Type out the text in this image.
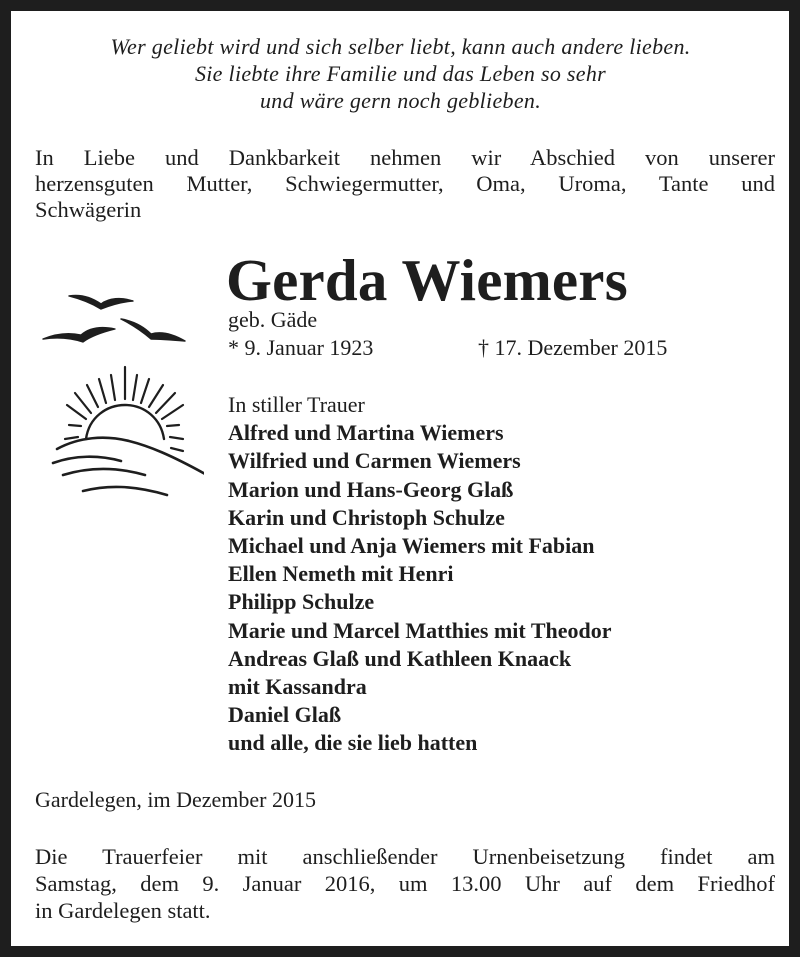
Wer geliebt wird und sich selber liebt, kann auch andere lieben.
Sie liebte ihre Familie und das Leben so sehr
und wäre gern noch geblieben.
In Liebe und Dankbarkeit nehmen wir Abschied von unserer
herzensguten Mutter, Schwiegermutter, Oma, Uroma, Tante und
Schwägerin
Gerda Wiemers
geb. Gäde
* 9. Januar 1923	† 17. Dezember 2015
In stiller Trauer
Alfred und Martina Wiemers
Wilfried und Carmen Wiemers
Marion und Hans-Georg Glaß
Karin und Christoph Schulze
Michael und Anja Wiemers mit Fabian
Ellen Nemeth mit Henri
Philipp Schulze
Marie und Marcel Matthies mit Theodor
Andreas Glaß und Kathleen Knaack
mit Kassandra
Daniel Glaß
und alle, die sie lieb hatten
Gardelegen, im Dezember 2015
Die Trauerfeier mit anschließender Urnenbeisetzung findet am
Samstag, dem 9. Januar 2016, um 13.00 Uhr auf dem Friedhof
in Gardelegen statt.
